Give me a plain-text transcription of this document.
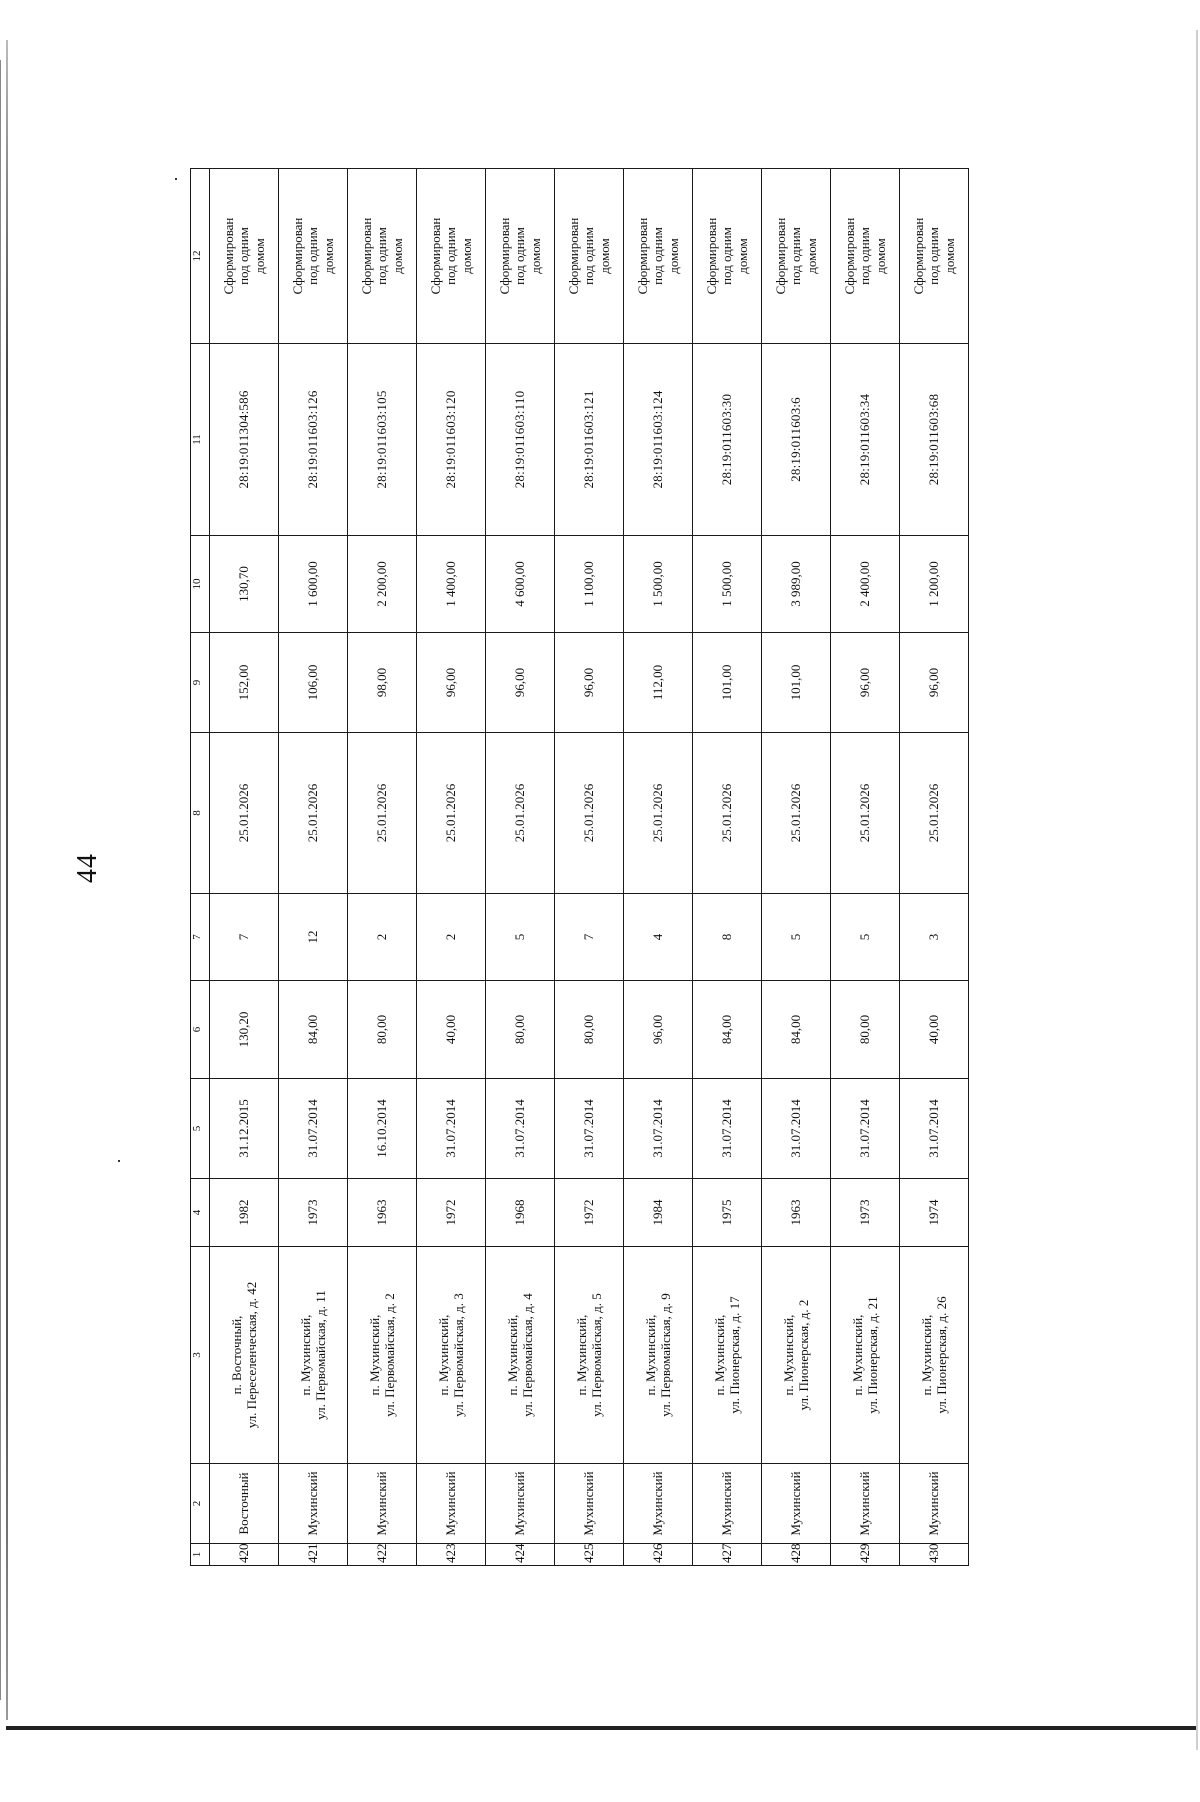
44
1	2	3	4	5	6	7	8	9	10	11	12
420	Восточный	п. Восточный, ул. Переселенческая, д. 42	1982	31.12.2015	130,20	7	25.01.2026	152,00	130,70	28:19:011304:586	Сформирован под одним домом

421	Мухинский	п. Мухинский, ул. Первомайская, д. 11	1973	31.07.2014	84,00	12	25.01.2026	106,00	1 600,00	28:19:011603:126	Сформирован под одним домом

422	Мухинский	п. Мухинский, ул. Первомайская, д. 2	1963	16.10.2014	80,00	2	25.01.2026	98,00	2 200,00	28:19:011603:105	Сформирован под одним домом

423	Мухинский	п. Мухинский, ул. Первомайская, д. 3	1972	31.07.2014	40,00	2	25.01.2026	96,00	1 400,00	28:19:011603:120	Сформирован под одним домом

424	Мухинский	п. Мухинский, ул. Первомайская, д. 4	1968	31.07.2014	80,00	5	25.01.2026	96,00	4 600,00	28:19:011603:110	Сформирован под одним домом

425	Мухинский	п. Мухинский, ул. Первомайская, д. 5	1972	31.07.2014	80,00	7	25.01.2026	96,00	1 100,00	28:19:011603:121	Сформирован под одним домом

426	Мухинский	п. Мухинский, ул. Первомайская, д. 9	1984	31.07.2014	96,00	4	25.01.2026	112,00	1 500,00	28:19:011603:124	Сформирован под одним домом

427	Мухинский	п. Мухинский, ул. Пионерская, д. 17	1975	31.07.2014	84,00	8	25.01.2026	101,00	1 500,00	28:19:011603:30	Сформирован под одним домом

428	Мухинский	п. Мухинский, ул. Пионерская, д. 2	1963	31.07.2014	84,00	5	25.01.2026	101,00	3 989,00	28:19:011603:6	Сформирован под одним домом

429	Мухинский	п. Мухинский, ул. Пионерская, д. 21	1973	31.07.2014	80,00	5	25.01.2026	96,00	2 400,00	28:19:011603:34	Сформирован под одним домом

430	Мухинский	п. Мухинский, ул. Пионерская, д. 26	1974	31.07.2014	40,00	3	25.01.2026	96,00	1 200,00	28:19:011603:68	Сформирован под одним домом
